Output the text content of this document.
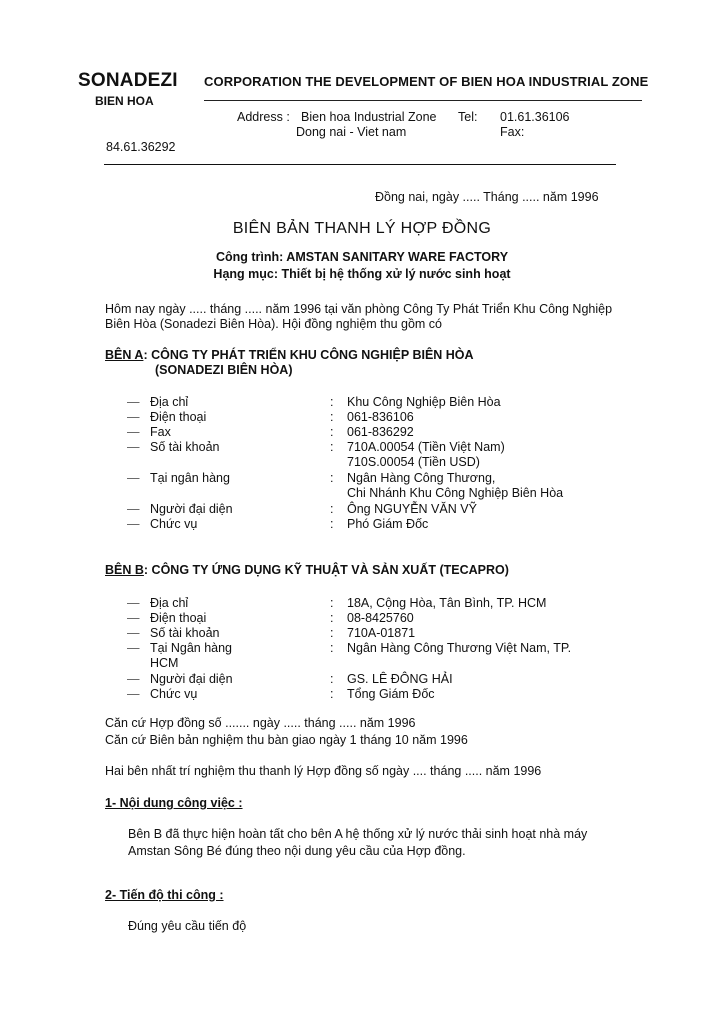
SONADEZI
BIEN HOA
CORPORATION THE DEVELOPMENT OF BIEN HOA INDUSTRIAL ZONE
Address : Bien hoa Industrial Zone
Dong nai - Viet nam
Tel: 01.61.36106
Fax:
84.61.36292
Đồng nai, ngày ..... Tháng ..... năm 1996
BIÊN BẢN THANH LÝ HỢP ĐỒNG
Công trình: AMSTAN SANITARY WARE FACTORY
Hạng mục: Thiết bị hệ thống xử lý nước sinh hoạt
Hôm nay ngày ..... tháng ..... năm 1996 tại văn phòng Công Ty Phát Triển Khu Công Nghiệp Biên Hòa (Sonadezi Biên Hòa). Hội đồng nghiệm thu gồm có
BÊN A: CÔNG TY PHÁT TRIỂN KHU CÔNG NGHIỆP BIÊN HÒA
(SONADEZI BIÊN HÒA)
— Địa chỉ	: Khu Công Nghiệp Biên Hòa
— Điện thoại	: 061-836106
— Fax	: 061-836292
— Số tài khoản	: 710A.00054 (Tiền Việt Nam)
710S.00054 (Tiền USD)
— Tại ngân hàng	: Ngân Hàng Công Thương,
Chi Nhánh Khu Công Nghiệp Biên Hòa
— Người đại diện	: Ông NGUYỄN VĂN VỸ
— Chức vụ	: Phó Giám Đốc
BÊN B: CÔNG TY ỨNG DỤNG KỸ THUẬT VÀ SẢN XUẤT (TECAPRO)
— Địa chỉ	: 18A, Cộng Hòa, Tân Bình, TP. HCM
— Điện thoại	: 08-8425760
— Số tài khoản	: 710A-01871
— Tại Ngân hàng	: Ngân Hàng Công Thương Việt Nam, TP.
HCM
— Người đại diện	: GS. LÊ ĐÔNG HẢI
— Chức vụ	: Tổng Giám Đốc
Căn cứ Hợp đồng số ....... ngày ..... tháng ..... năm 1996
Căn cứ Biên bản nghiệm thu bàn giao ngày 1 tháng 10 năm 1996
Hai bên nhất trí nghiệm thu thanh lý Hợp đồng số ngày .... tháng ..... năm 1996
1- Nội dung công việc :
Bên B đã thực hiện hoàn tất cho bên A hệ thống xử lý nước thải sinh hoạt nhà máy Amstan Sông Bé đúng theo nội dung yêu cầu của Hợp đồng.
2- Tiến độ thi công :
Đúng yêu cầu tiến độ
